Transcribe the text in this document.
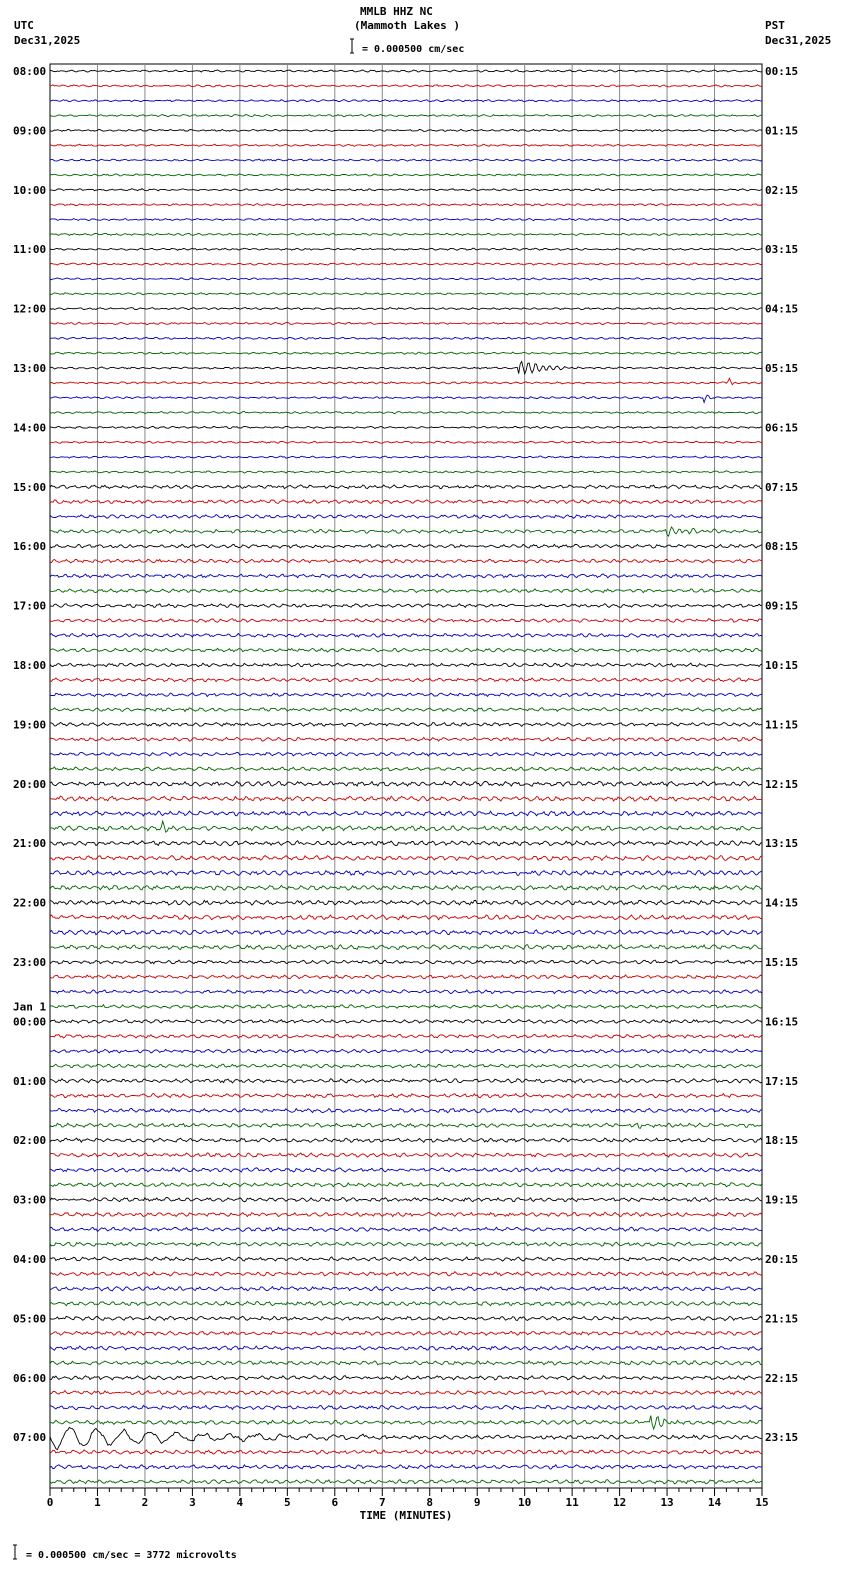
MMLB HHZ NC
(Mammoth Lakes )
UTC
Dec31,2025
PST
Dec31,2025
= 0.000500 cm/sec
= 0.000500 cm/sec = 3772 microvolts
0	1	2	3	4	5	6	7	8	9	10	11	12	13	14	15
TIME (MINUTES)
08:00
09:00
10:00
11:00
12:00
13:00
14:00
15:00
16:00
17:00
18:00
19:00
20:00
21:00
22:00
23:00
00:00
01:00
02:00
03:00
04:00
05:00
06:00
07:00
Jan 1
00:15
01:15
02:15
03:15
04:15
05:15
06:15
07:15
08:15
09:15
10:15
11:15
12:15
13:15
14:15
15:15
16:15
17:15
18:15
19:15
20:15
21:15
22:15
23:15
